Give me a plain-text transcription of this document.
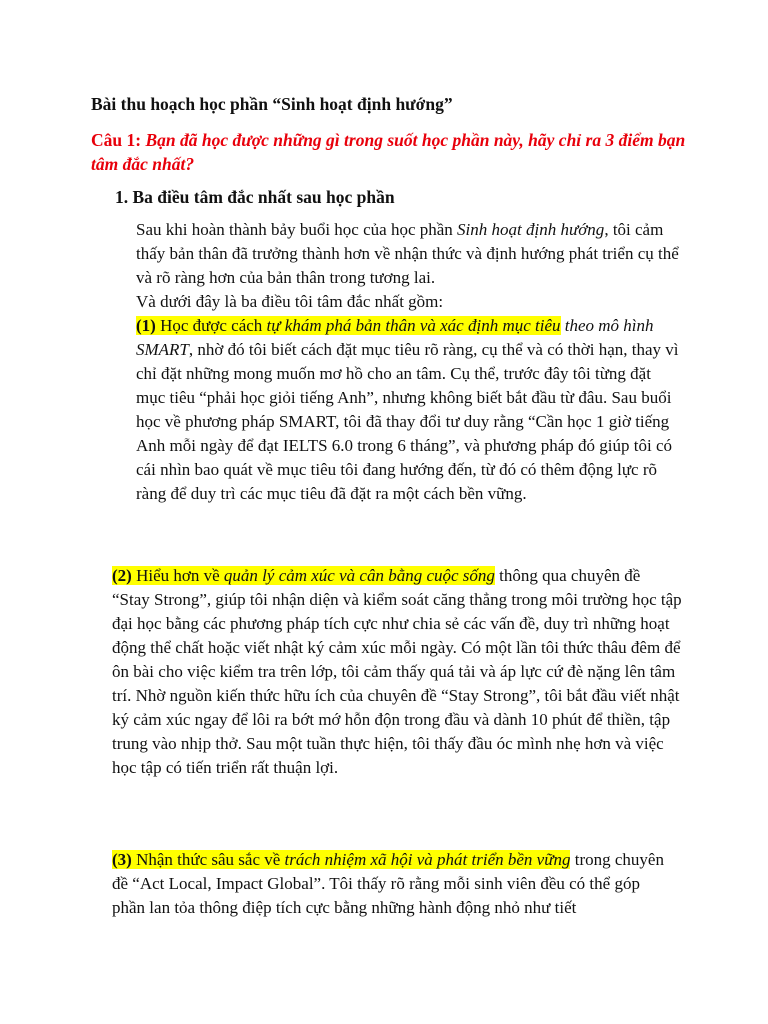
Bài thu hoạch học phần “Sinh hoạt định hướng”
Câu 1: Bạn đã học được những gì trong suốt học phần này, hãy chỉ ra 3 điểm bạn tâm đắc nhất?
1. Ba điều tâm đắc nhất sau học phần

Sau khi hoàn thành bảy buổi học của học phần Sinh hoạt định hướng, tôi cảm thấy bản thân đã trưởng thành hơn về nhận thức và định hướng phát triển cụ thể và rõ ràng hơn của bản thân trong tương lai.

Và dưới đây là ba điều tôi tâm đắc nhất gồm:

(1) Học được cách tự khám phá bản thân và xác định mục tiêu theo mô hình SMART, nhờ đó tôi biết cách đặt mục tiêu rõ ràng, cụ thể và có thời hạn, thay vì chỉ đặt những mong muốn mơ hồ cho an tâm. Cụ thể, trước đây tôi từng đặt mục tiêu “phải học giỏi tiếng Anh”, nhưng không biết bắt đầu từ đâu. Sau buổi học về phương pháp SMART, tôi đã thay đổi tư duy rằng “Cần học 1 giờ tiếng Anh mỗi ngày để đạt IELTS 6.0 trong 6 tháng”, và phương pháp đó giúp tôi có cái nhìn bao quát về mục tiêu tôi đang hướng đến, từ đó có thêm động lực rõ ràng để duy trì các mục tiêu đã đặt ra một cách bền vững.

(2) Hiểu hơn về quản lý cảm xúc và cân bằng cuộc sống thông qua chuyên đề “Stay Strong”, giúp tôi nhận diện và kiểm soát căng thẳng trong môi trường học tập đại học bằng các phương pháp tích cực như chia sẻ các vấn đề, duy trì những hoạt động thể chất hoặc viết nhật ký cảm xúc mỗi ngày. Có một lần tôi thức thâu đêm để ôn bài cho việc kiểm tra trên lớp, tôi cảm thấy quá tải và áp lực cứ đè nặng lên tâm trí. Nhờ nguồn kiến thức hữu ích của chuyên đề “Stay Strong”, tôi bắt đầu viết nhật ký cảm xúc ngay để lôi ra bớt mớ hỗn độn trong đầu và dành 10 phút để thiền, tập trung vào nhịp thở. Sau một tuần thực hiện, tôi thấy đầu óc mình nhẹ hơn và việc học tập có tiến triển rất thuận lợi.

(3) Nhận thức sâu sắc về trách nhiệm xã hội và phát triển bền vững trong chuyên đề “Act Local, Impact Global”. Tôi thấy rõ rằng mỗi sinh viên đều có thể góp phần lan tỏa thông điệp tích cực bằng những hành động nhỏ như tiết
